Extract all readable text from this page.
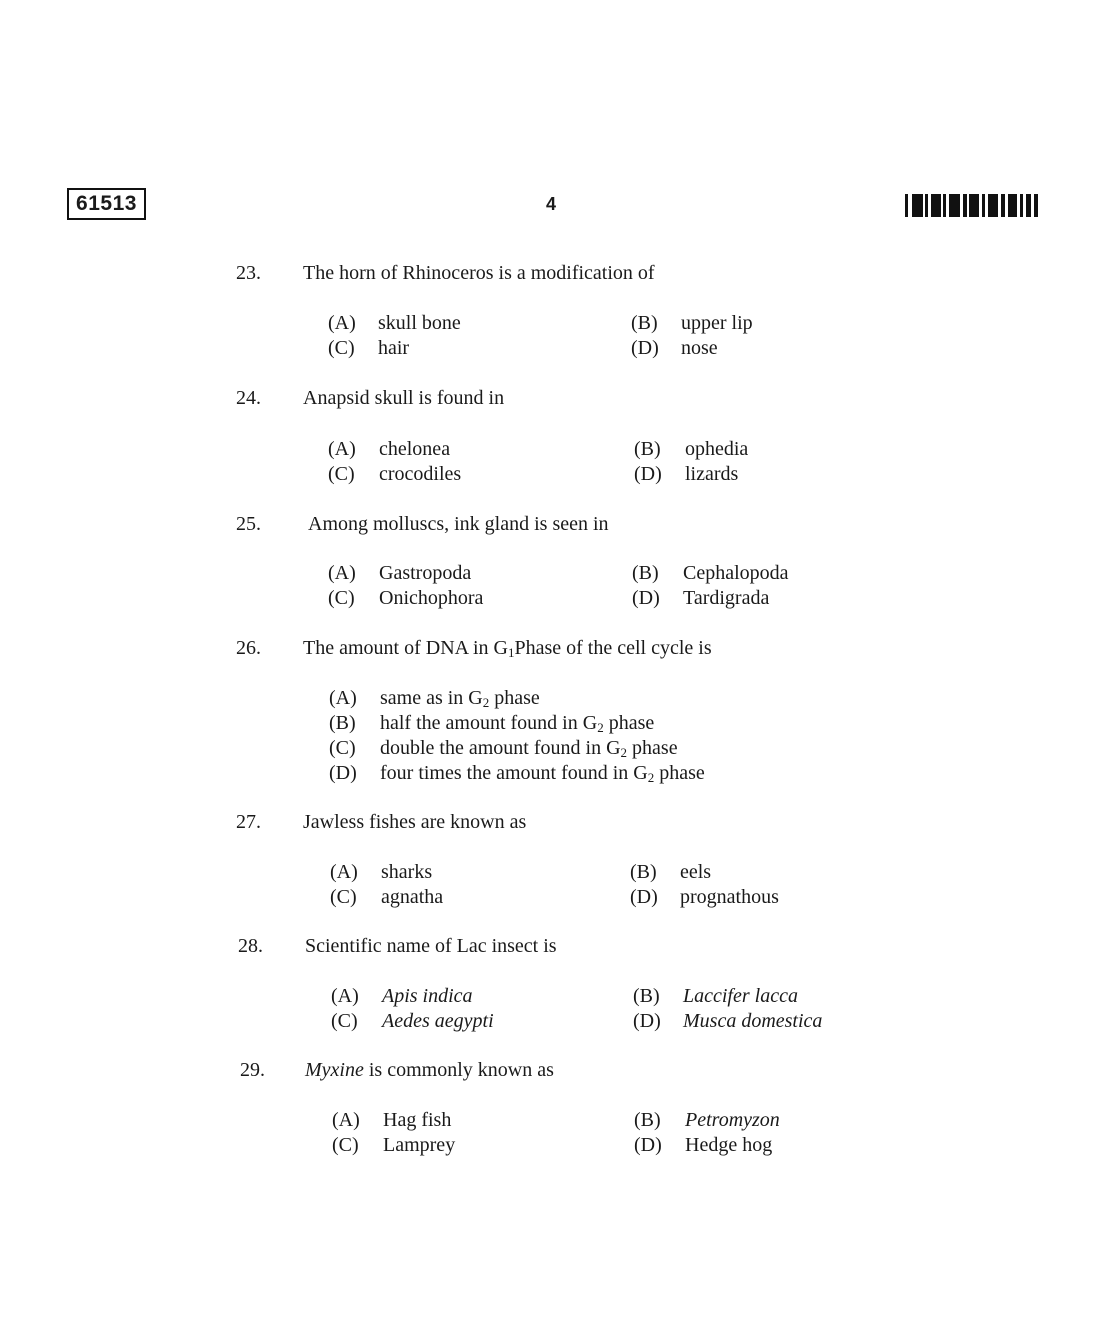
61513	4
23. The horn of Rhinoceros is a modification of
(A) skull bone	(B) upper lip
(C) hair	(D) nose
24. Anapsid skull is found in
(A) chelonea	(B) ophedia
(C) crocodiles	(D) lizards
25. Among molluscs, ink gland is seen in
(A) Gastropoda	(B) Cephalopoda
(C) Onichophora	(D) Tardigrada
26. The amount of DNA in $G_1Phase$ of the cell cycle is
(A) same as in $G_2$ phase
(B) half the amount found in $G_2$ phase
(C) double the amount found in $G_2$ phase
(D) four times the amount found in $G_2$ phase
27. Jawless fishes are known as
(A) sharks	(B) eels
(C) agnatha	(D) prognathous
28. Scientific name of Lac insect is
(A) Apis indica	(B) Laccifer lacca
(C) Aedes aegypti	(D) Musca domestica
29. Myxine is commonly known as
(A) Hag fish	(B) Petromyzon
(C) Lamprey	(D) Hedge hog
